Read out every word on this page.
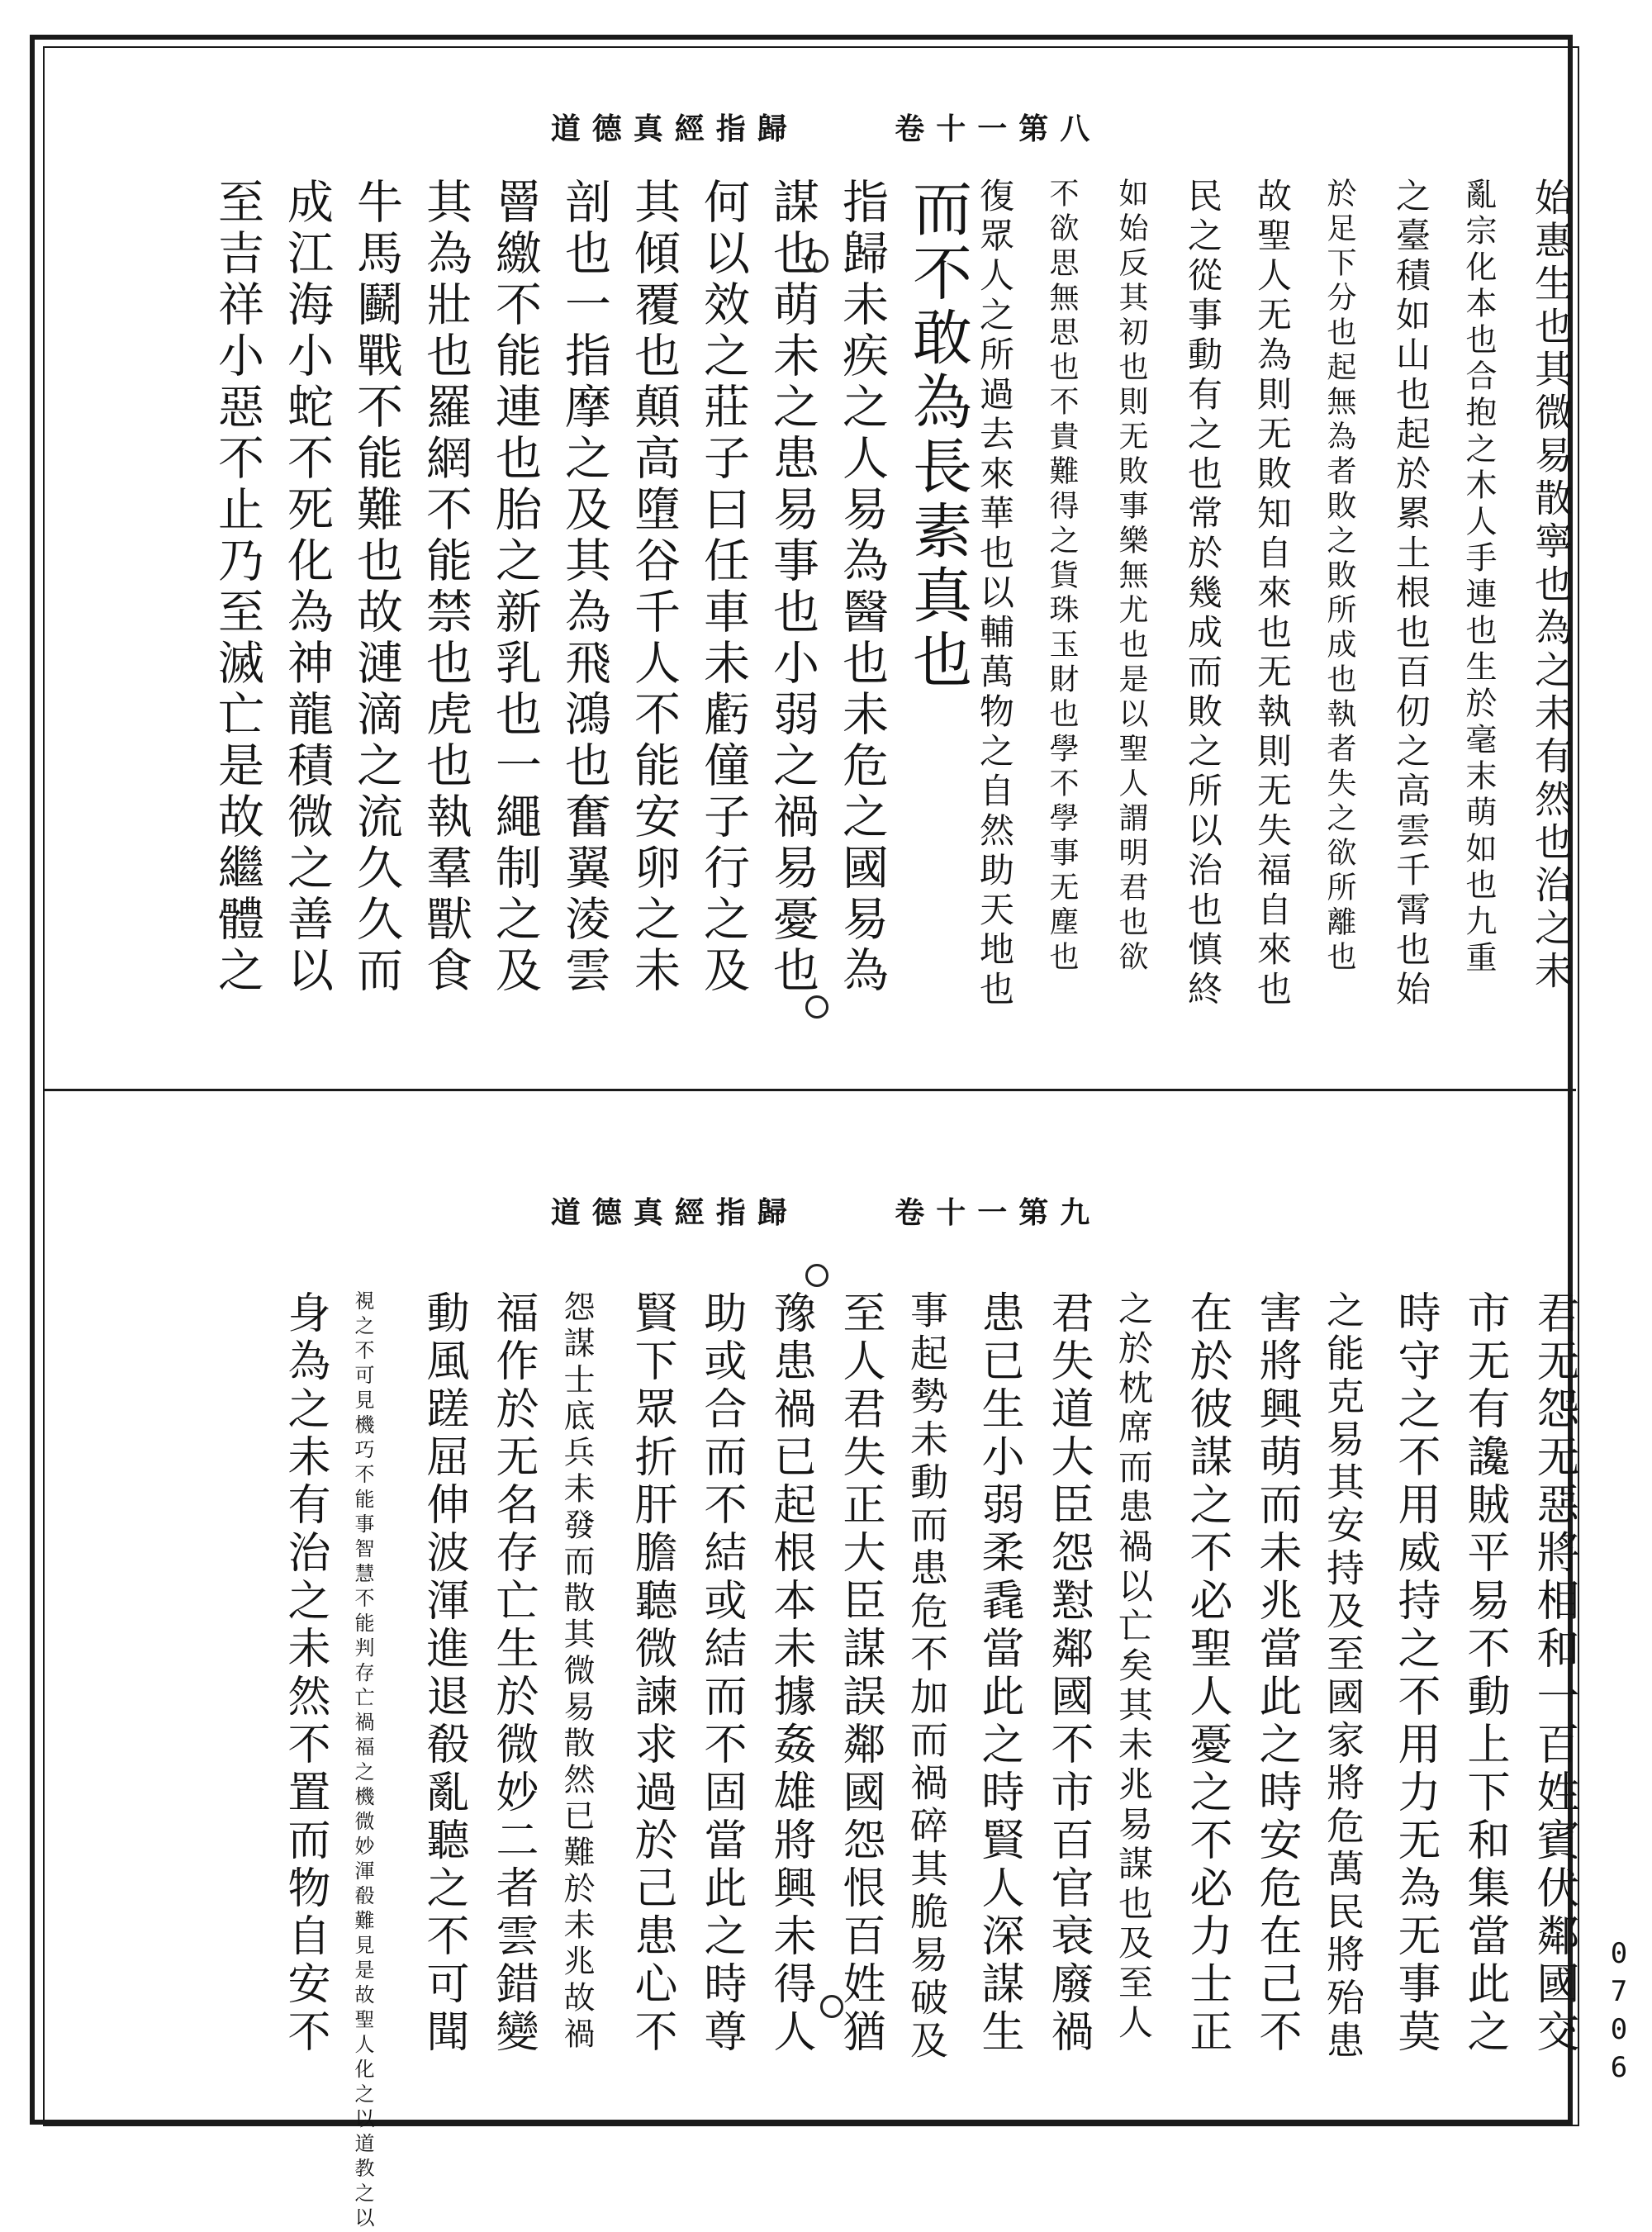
道德真經指歸	卷十一第八
始惠生也其微易散寧也為之未有然也治之未
亂宗化本也合抱之木人手連也生於毫末萌如也九重
之臺積如山也起於累土根也百仞之高雲千霄也始
於足下分也起無為者敗之敗所成也執者失之欲所離也
故聖人无為則无敗知自來也无執則无失福自來也
民之從事動有之也常於幾成而敗之所以治也慎終
如始反其初也則无敗事樂無尤也是以聖人謂明君也欲
不欲思無思也不貴難得之貨珠玉財也學不學事无塵也
復眾人之所過去來華也以輔萬物之自然助天地也
而不敢為長素真也
指歸未疾之人易為醫也未危之國易為
謀也萌未之患易事也小弱之禍易憂也
何以效之莊子曰任車未虧僮子行之及
其傾覆也顛高墮谷千人不能安卵之未
剖也一指摩之及其為飛鴻也奮翼淩雲
罾繳不能連也胎之新乳也一繩制之及
其為壯也羅網不能禁也虎也執羣獸食
牛馬鬬戰不能難也故漣滴之流久久而
成江海小蛇不死化為神龍積微之善以
至吉祥小惡不止乃至滅亡是故繼體之
道德真經指歸	卷十一第九
君无怨无惡將相和一百姓賓伏鄰國交
市无有讒賊平易不動上下和集當此之
時守之不用威持之不用力无為无事莫
之能克易其安持及至國家將危萬民將殆患
害將興萌而未兆當此之時安危在己不
在於彼謀之不必聖人憂之不必力士正
之於枕席而患禍以亡矣其未兆易謀也及至人
君失道大臣怨懟鄰國不市百官衰廢禍
患已生小弱柔毳當此之時賢人深謀生
事起勢未動而患危不加而禍碎其脆易破及
至人君失正大臣謀誤鄰國怨恨百姓猶
豫患禍已起根本未據姦雄將興未得人
助或合而不結或結而不固當此之時尊
賢下眾折肝膽聽微諫求過於己患心不
怨謀士底兵未發而散其微易散然已難於未兆故禍
福作於无名存亡生於微妙二者雲錯變
動風蹉屈伸波渾進退殽亂聽之不可聞
視之不可見機巧不能事智慧不能判存亡禍福之機微妙渾殽難見是故聖人化之以道教之以
身為之未有治之未然不置而物自安不	0706
